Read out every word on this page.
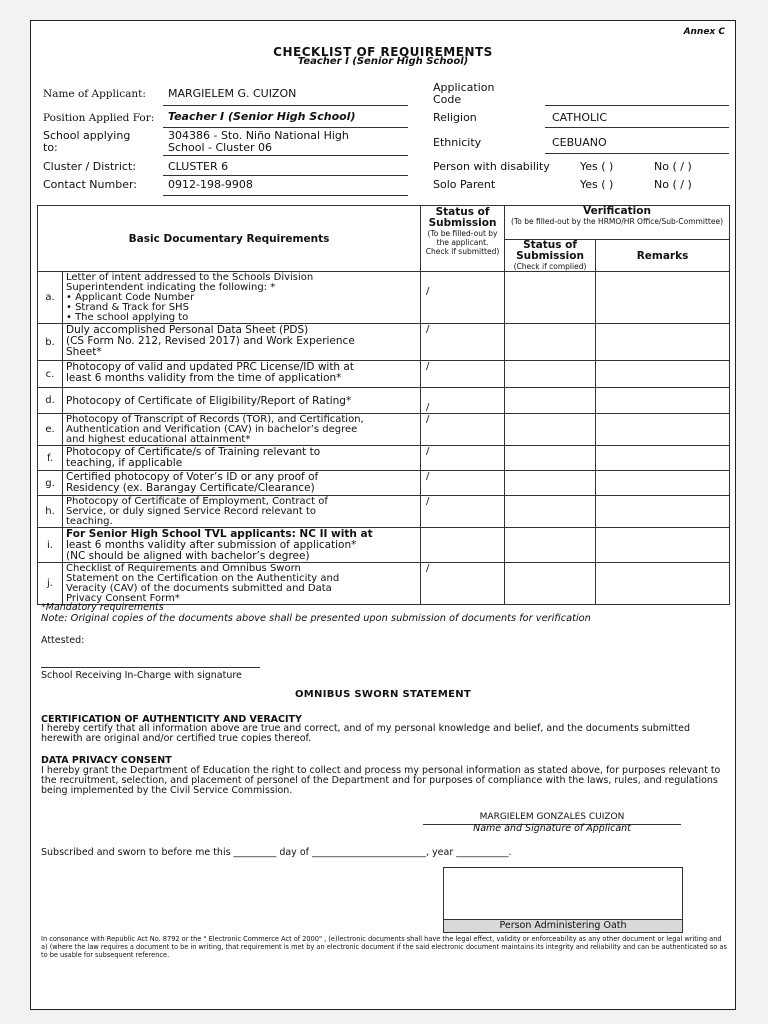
Annex C
CHECKLIST OF REQUIREMENTS
Teacher I (Senior High School)
Name of Applicant: MARGIELEM G. CUIZON
Position Applied For: Teacher I (Senior High School)
School applying
to:
304386 - Sto. Niño National High
School - Cluster 06
Cluster / District:	CLUSTER 6
Contact Number:	0912-198-9908
Application
Code
Religion	CATHOLIC
Ethnicity	CEBUANO
Person with disability	Yes ( )	No ( / )
Solo Parent	Yes ( )	No ( / )
Basic Documentary Requirements		Status of Submission
(To be filled-out by the applicant. Check if submitted)	Verification
(To be filled-out by the HRMO/HR Office/Sub-Committee)	

			Status of Submission
(Check if complied)	Remarks
a.	Letter of intent addressed to the Schools Division
Superintendent indicating the following: *
• Applicant Code Number
• Strand & Track for SHS
• The school applying to	/		
b.	Duly accomplished Personal Data Sheet (PDS)
(CS Form No. 212, Revised 2017) and Work Experience
Sheet*	/		
c.	Photocopy of valid and updated PRC License/ID with at
least 6 months validity from the time of application*	/		
d.	Photocopy of Certificate of Eligibility/Report of Rating*	/		
e.	Photocopy of Transcript of Records (TOR), and Certification,
Authentication and Verification (CAV) in bachelor’s degree
and highest educational attainment*	/		
f.	Photocopy of Certificate/s of Training relevant to
teaching, if applicable	/		
g.	Certified photocopy of Voter’s ID or any proof of
Residency (ex. Barangay Certificate/Clearance)	/		
h.	Photocopy of Certificate of Employment, Contract of
Service, or duly signed Service Record relevant to
teaching.	/		
i.	For Senior High School TVL applicants: NC II with at
least 6 months validity after submission of application*
(NC should be aligned with bachelor’s degree)			

j.	Checklist of Requirements and Omnibus Sworn
Statement on the Certification on the Authenticity and
Veracity (CAV) of the documents submitted and Data
Privacy Consent Form*	/		
*Mandatory requirements
Note: Original copies of the documents above shall be presented upon submission of documents for verification
Attested:
School Receiving In-Charge with signature
OMNIBUS SWORN STATEMENT
CERTIFICATION OF AUTHENTICITY AND VERACITY
I hereby certify that all information above are true and correct, and of my personal knowledge and belief, and the documents submitted herewith are original and/or certified true copies thereof.
DATA PRIVACY CONSENT
I hereby grant the Department of Education the right to collect and process my personal information as stated above, for purposes relevant to the recruitment, selection, and placement of personel of the Department and for purposes of compliance with the laws, rules, and regulations being implemented by the Civil Service Commission.
MARGIELEM GONZALES CUIZON
Name and Signature of Applicant
Subscribed and sworn to before me this _________ day of ________________________, year ___________.
Person Administering Oath
In consonance with Republic Act No. 8792 or the " Electronic Commerce Act of 2000" , (e)lectronic documents shall have the legal effect, validity or enforceability as any other document or legal writing and a) (where the law requires a document to be in writing, that requirement is met by an electronic document if the said electronic document maintains its integrity and reliability and can be authenticated so as to be usable for subsequent reference.
